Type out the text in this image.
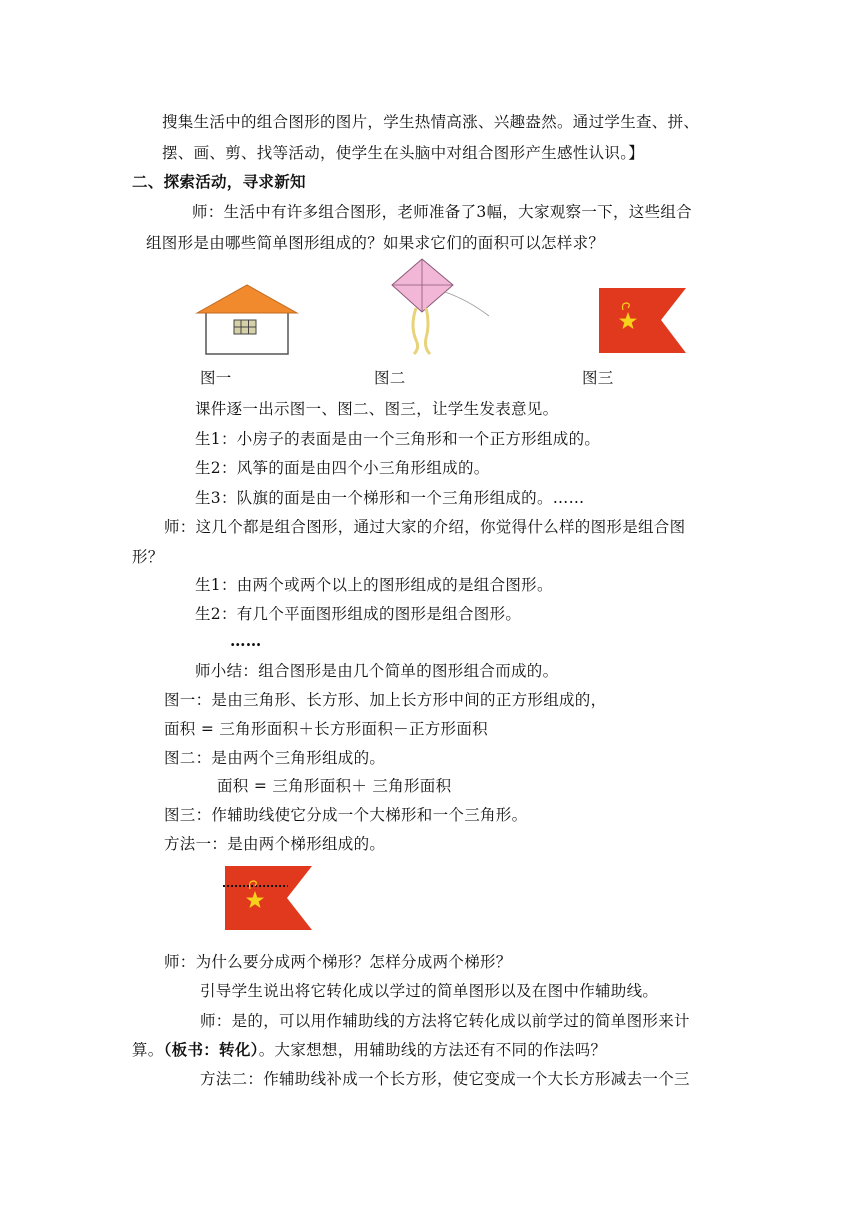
搜集生活中的组合图形的图片，学生热情高涨、兴趣盎然。通过学生查、拼、
摆、画、剪、找等活动，使学生在头脑中对组合图形产生感性认识。】
二、探索活动，寻求新知
师：生活中有许多组合图形，老师准备了3幅，大家观察一下，这些组合
组图形是由哪些简单图形组成的？如果求它们的面积可以怎样求？
图一	图二	图三
课件逐一出示图一、图二、图三，让学生发表意见。
生1：小房子的表面是由一个三角形和一个正方形组成的。
生2：风筝的面是由四个小三角形组成的。
生3：队旗的面是由一个梯形和一个三角形组成的。……
师：这几个都是组合图形，通过大家的介绍，你觉得什么样的图形是组合图
形？
生1：由两个或两个以上的图形组成的是组合图形。
生2：有几个平面图形组成的图形是组合图形。
……
师小结：组合图形是由几个简单的图形组合而成的。
图一：是由三角形、长方形、加上长方形中间的正方形组成的，
面积 = 三角形面积＋长方形面积－正方形面积
图二：是由两个三角形组成的。
面积 = 三角形面积＋ 三角形面积
图三：作辅助线使它分成一个大梯形和一个三角形。
方法一：是由两个梯形组成的。
师：为什么要分成两个梯形？怎样分成两个梯形？
引导学生说出将它转化成以学过的简单图形以及在图中作辅助线。
师：是的，可以用作辅助线的方法将它转化成以前学过的简单图形来计
算。（板书：转化）。大家想想，用辅助线的方法还有不同的作法吗？
方法二：作辅助线补成一个长方形，使它变成一个大长方形减去一个三
